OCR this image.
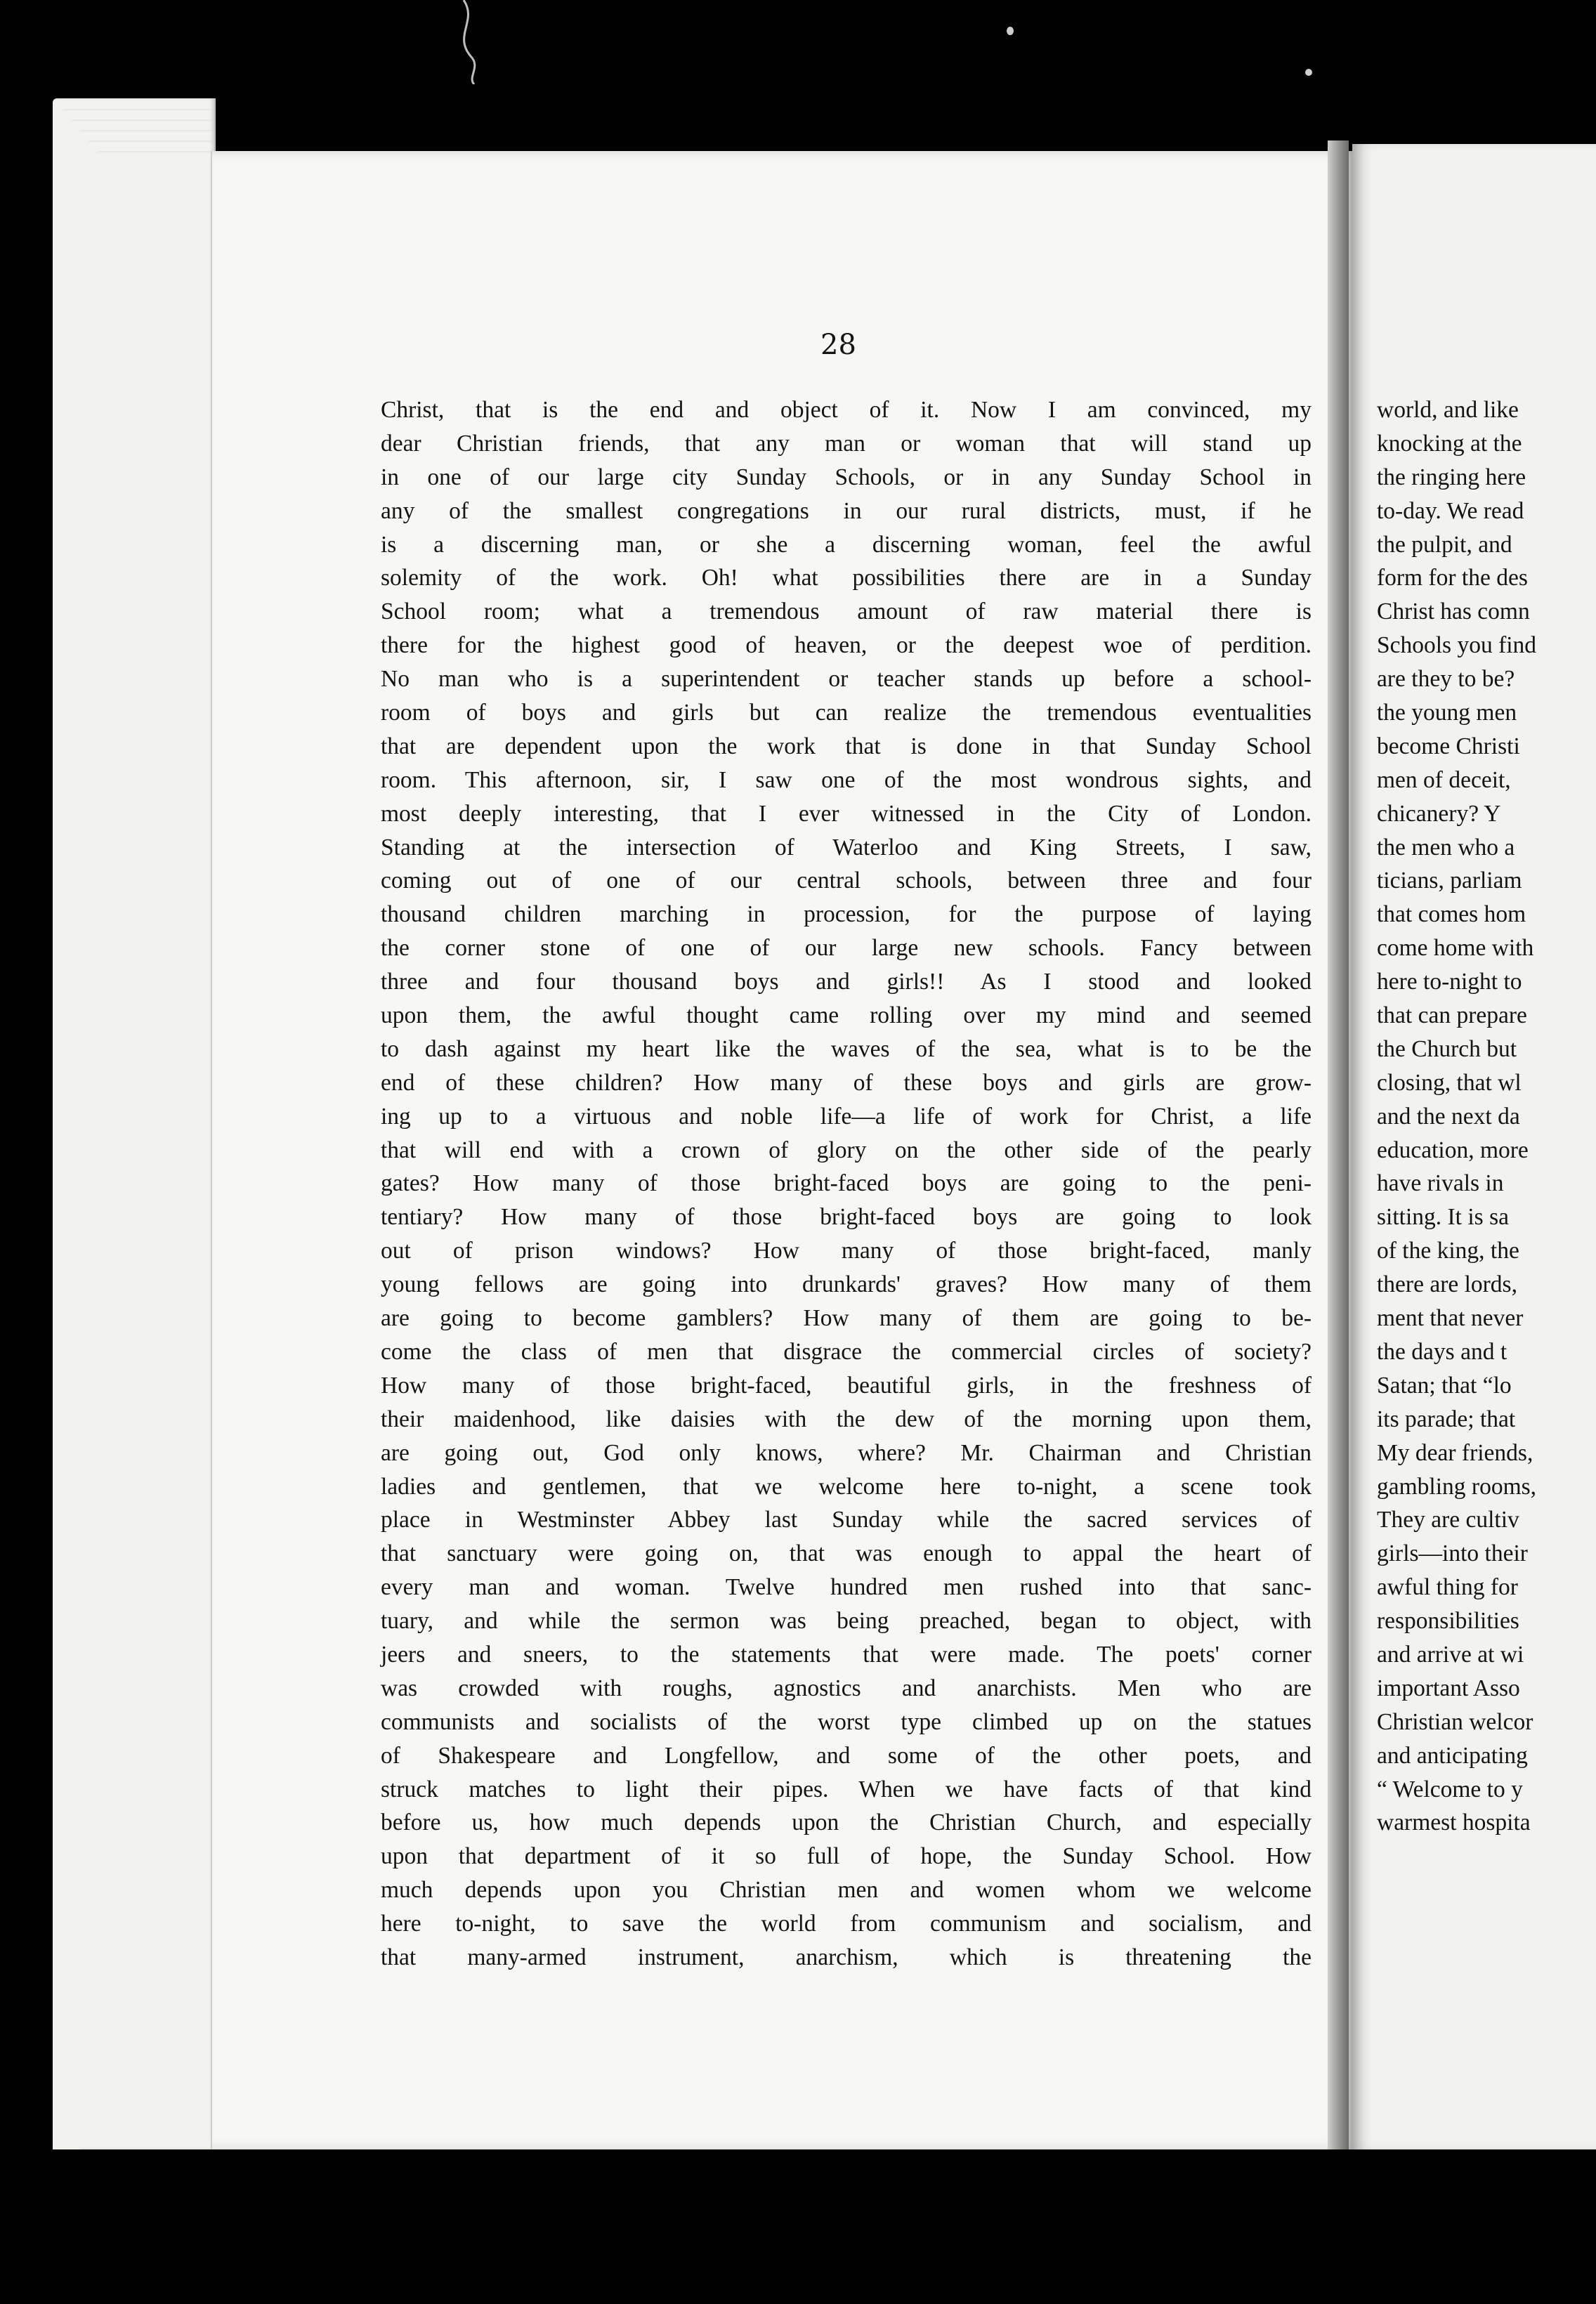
28
Christ, that is the end and object of it. Now I am convinced, my
dear Christian friends, that any man or woman that will stand up
in one of our large city Sunday Schools, or in any Sunday School in
any of the smallest congregations in our rural districts, must, if he
is a discerning man, or she a discerning woman, feel the awful
solemity of the work. Oh! what possibilities there are in a Sunday
School room; what a tremendous amount of raw material there is
there for the highest good of heaven, or the deepest woe of perdition.
No man who is a superintendent or teacher stands up before a school-
room of boys and girls but can realize the tremendous eventualities
that are dependent upon the work that is done in that Sunday School
room. This afternoon, sir, I saw one of the most wondrous sights, and
most deeply interesting, that I ever witnessed in the City of London.
Standing at the intersection of Waterloo and King Streets, I saw,
coming out of one of our central schools, between three and four
thousand children marching in procession, for the purpose of laying
the corner stone of one of our large new schools. Fancy between
three and four thousand boys and girls!! As I stood and looked
upon them, the awful thought came rolling over my mind and seemed
to dash against my heart like the waves of the sea, what is to be the
end of these children? How many of these boys and girls are grow-
ing up to a virtuous and noble life—a life of work for Christ, a life
that will end with a crown of glory on the other side of the pearly
gates? How many of those bright-faced boys are going to the peni-
tentiary? How many of those bright-faced boys are going to look
out of prison windows? How many of those bright-faced, manly
young fellows are going into drunkards' graves? How many of them
are going to become gamblers? How many of them are going to be-
come the class of men that disgrace the commercial circles of society?
How many of those bright-faced, beautiful girls, in the freshness of
their maidenhood, like daisies with the dew of the morning upon them,
are going out, God only knows, where? Mr. Chairman and Christian
ladies and gentlemen, that we welcome here to-night, a scene took
place in Westminster Abbey last Sunday while the sacred services of
that sanctuary were going on, that was enough to appal the heart of
every man and woman. Twelve hundred men rushed into that sanc-
tuary, and while the sermon was being preached, began to object, with
jeers and sneers, to the statements that were made. The poets' corner
was crowded with roughs, agnostics and anarchists. Men who are
communists and socialists of the worst type climbed up on the statues
of Shakespeare and Longfellow, and some of the other poets, and
struck matches to light their pipes. When we have facts of that kind
before us, how much depends upon the Christian Church, and especially
upon that department of it so full of hope, the Sunday School. How
much depends upon you Christian men and women whom we welcome
here to-night, to save the world from communism and socialism, and
that many-armed instrument, anarchism, which is threatening the
world, and like
knocking at the
the ringing here
to-day. We read
the pulpit, and
form for the des
Christ has comn
Schools you find
are they to be?
the young men
become Christi
men of deceit,
chicanery? Y
the men who a
ticians, parliam
that comes hom
come home with
here to-night to
that can prepare
the Church but
closing, that wl
and the next da
education, more
have rivals in
sitting. It is sa
of the king, the
there are lords,
ment that never
the days and t
Satan; that “lo
its parade; that
My dear friends,
gambling rooms,
They are cultiv
girls—into their
awful thing for
responsibilities
and arrive at wi
important Asso
Christian welcor
and anticipating
“ Welcome to y
warmest hospita
